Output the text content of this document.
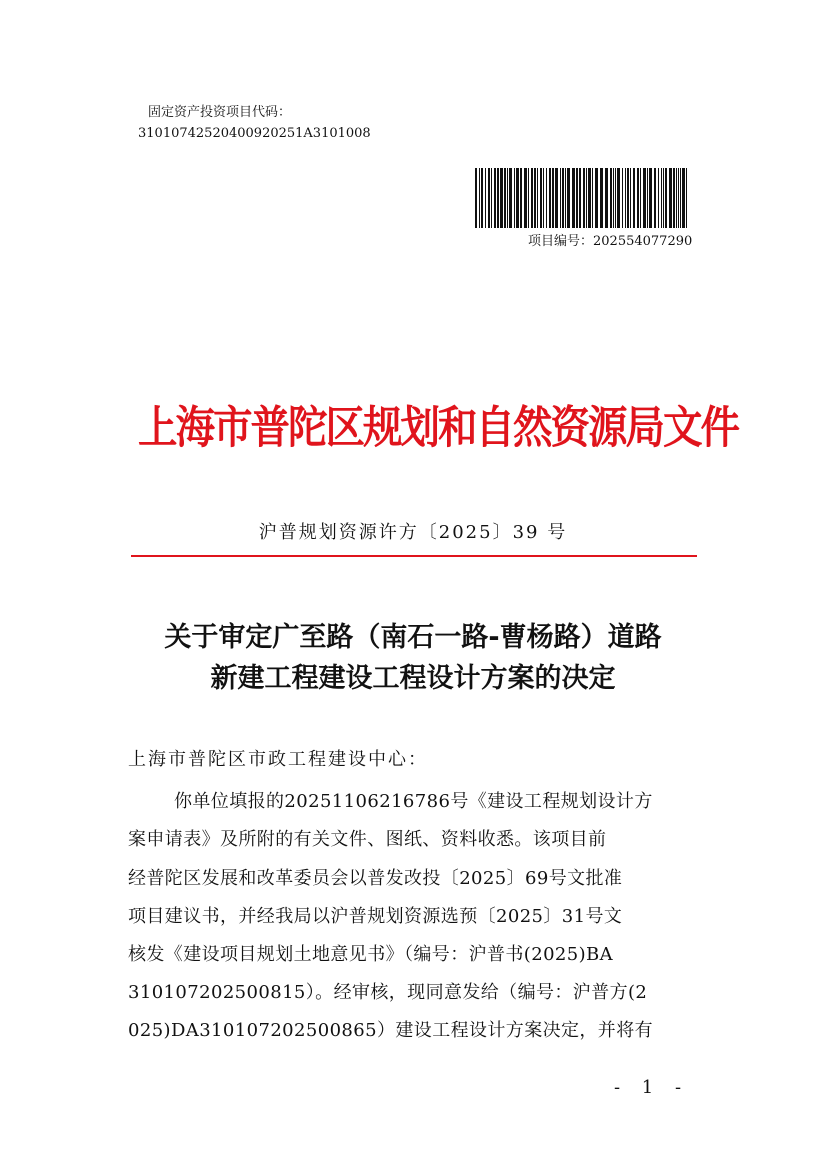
固定资产投资项目代码：
31010742520400920251A3101008
项目编号：202554077290
上海市普陀区规划和自然资源局文件
沪普规划资源许方〔2025〕39 号
关于审定广至路（南石一路-曹杨路）道路
新建工程建设工程设计方案的决定
上海市普陀区市政工程建设中心：
你单位填报的20251106216786号《建设工程规划设计方
案申请表》及所附的有关文件、图纸、资料收悉。该项目前
经普陀区发展和改革委员会以普发改投〔2025〕69号文批准
项目建议书，并经我局以沪普规划资源选预〔2025〕31号文
核发《建设项目规划土地意见书》（编号：沪普书(2025)BA
310107202500815）。经审核，现同意发给（编号：沪普方(2
025)DA310107202500865）建设工程设计方案决定，并将有
- 1 -
